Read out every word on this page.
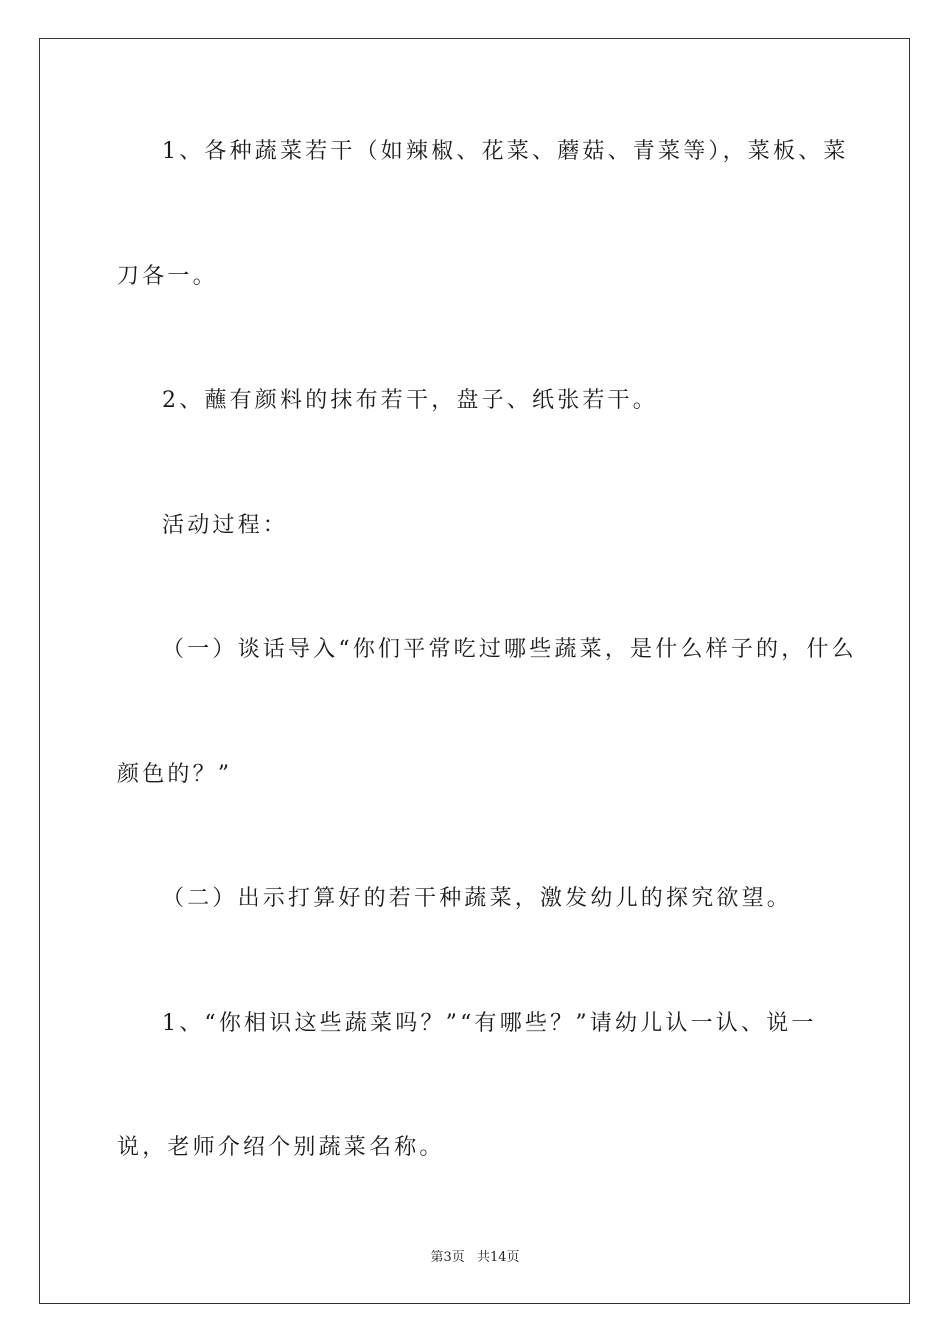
1、各种蔬菜若干（如辣椒、花菜、蘑菇、青菜等），菜板、菜
刀各一。
2、蘸有颜料的抹布若干，盘子、纸张若干。
活动过程：
（一）谈话导入“你们平常吃过哪些蔬菜，是什么样子的，什么
颜色的？”
（二）出示打算好的若干种蔬菜，激发幼儿的探究欲望。
1、“你相识这些蔬菜吗？”“有哪些？”请幼儿认一认、说一
说，老师介绍个别蔬菜名称。
第3页 共14页
